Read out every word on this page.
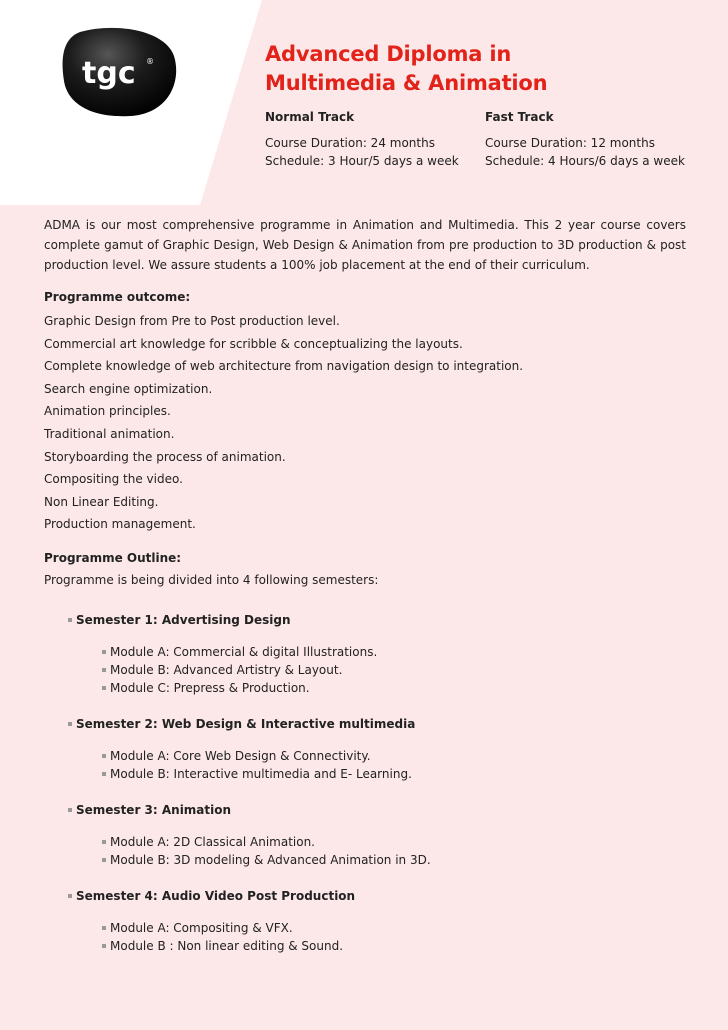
tgc ®	Advanced Diploma in
Multimedia & Animation
Normal Track
Course Duration: 24 months
Schedule: 3 Hour/5 days a week
Fast Track
Course Duration: 12 months
Schedule: 4 Hours/6 days a week

ADMA is our most comprehensive programme in Animation and Multimedia. This 2 year course covers complete gamut of Graphic Design, Web Design & Animation from pre production to 3D production & post production level. We assure students a 100% job placement at the end of their curriculum.

Programme outcome:
Graphic Design from Pre to Post production level.
Commercial art knowledge for scribble & conceptualizing the layouts.
Complete knowledge of web architecture from navigation design to integration.
Search engine optimization.
Animation principles.
Traditional animation.
Storyboarding the process of animation.
Compositing the video.
Non Linear Editing.
Production management.
Programme Outline:
Programme is being divided into 4 following semesters:
Semester 1: Advertising Design
Module A: Commercial & digital Illustrations.
Module B: Advanced Artistry & Layout.
Module C: Prepress & Production.
Semester 2: Web Design & Interactive multimedia
Module A: Core Web Design & Connectivity.
Module B: Interactive multimedia and E- Learning.
Semester 3: Animation
Module A: 2D Classical Animation.
Module B: 3D modeling & Advanced Animation in 3D.
Semester 4: Audio Video Post Production
Module A: Compositing & VFX.
Module B : Non linear editing & Sound.
